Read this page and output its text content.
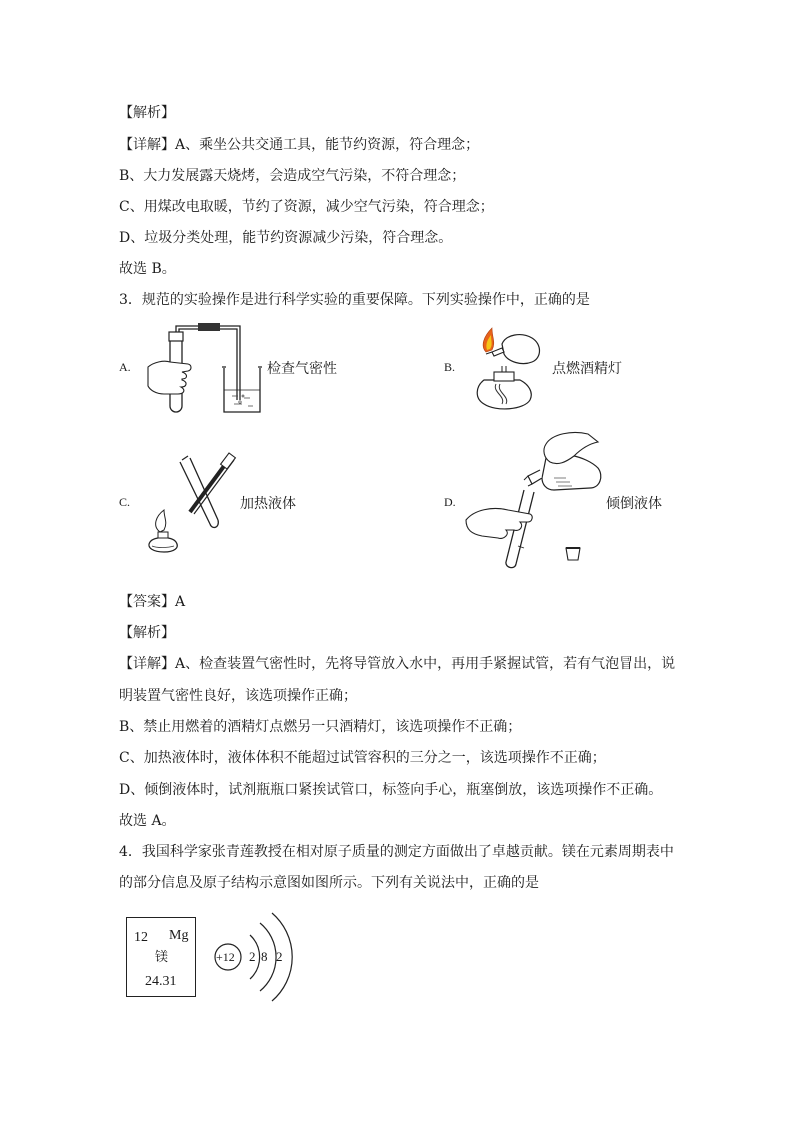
【解析】
【详解】A、乘坐公共交通工具，能节约资源，符合理念；
B、大力发展露天烧烤，会造成空气污染，不符合理念；
C、用煤改电取暖，节约了资源，减少空气污染，符合理念；
D、垃圾分类处理，能节约资源减少污染，符合理念。
故选 B。
3．规范的实验操作是进行科学实验的重要保障。下列实验操作中，正确的是
A.	检查气密性	B.	点燃酒精灯
C.	加热液体	D.	倾倒液体
【答案】A
【解析】
【详解】A、检查装置气密性时，先将导管放入水中，再用手紧握试管，若有气泡冒出，说
明装置气密性良好，该选项操作正确；
B、禁止用燃着的酒精灯点燃另一只酒精灯，该选项操作不正确；
C、加热液体时，液体体积不能超过试管容积的三分之一，该选项操作不正确；
D、倾倒液体时，试剂瓶瓶口紧挨试管口，标签向手心，瓶塞倒放，该选项操作不正确。
故选 A。
4．我国科学家张青莲教授在相对原子质量的测定方面做出了卓越贡献。镁在元素周期表中
的部分信息及原子结构示意图如图所示。下列有关说法中，正确的是
12 Mg
镁
24.31
+12 2 8 2
